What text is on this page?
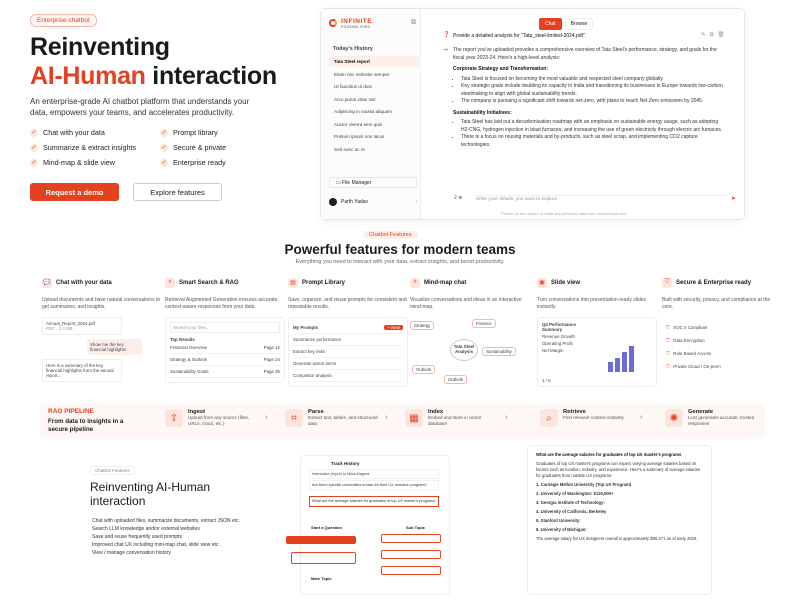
Enterprise chatbot
Reinventing
AI-Human interaction
An enterprise-grade AI chatbot platform that understands your data, empowers your teams, and accelerates productivity.
✓ Chat with your data	✓ Prompt library
✓ Summarize & extract insights	✓ Secure & private
✓ Mind-map & slide view	✓ Enterprise ready
Request a demo	Explore features
INFINITE
POSSIBILITIES
⧉
Today's History
Tata Steel report
Etiam nec molestie semper
Ut faucibus ut duis
Arcu purus vitae nisl
Adipiscing in massa aliquam
Auctor viverra sem quis
Pretium ipsum non lacus
Sed nunc ac et
▭ File Manager
Parth Yadav	›
Chat	Browse
✎⧉🗑
❓ Provide a detailed analysis for "Tata_steel-limited-2024.pdf"
↝ The report you've uploaded provides a comprehensive overview of Tata Steel's performance, strategy, and goals for the fiscal year 2023-24. Here's a high-level analysis:
Corporate Strategy and Transformation:
• Tata Steel is focused on becoming the most valuable and respected steel company globally.
• Key strategic goals include doubling its capacity in India and transitioning its businesses in Europe towards low-carbon steelmaking to align with global sustainability trends.
• The company is pursuing a significant shift towards net-zero, with plans to reach Net Zero emissions by 2045.
Sustainability Initiatives:
• Tata Steel has laid out a decarbonization roadmap with an emphasis on sustainable energy usage, such as adopting H2-CNG, hydrogen injection in blast furnaces, and increasing the use of green electricity through electric arc furnaces.
• There is a focus on reusing materials and by-products, such as steel scrap, and implementing CO2 capture technologies.
2 ⊕	Write your details, you want to explore	➤
Please do not upload or enter any personal data from chat.infosys.com
Chatbot Features
Powerful features for modern teams
Everything you need to interact with your data, extract insights, and boost productivity.
💬 Chat with your data
Upload documents and have natural conversations to get summaries, and insights.
Annual_Report_2024.pdf
PDF · 2.4 MB
Show me the key financial highlights.
Here is a summary of the key financial highlights from the annual report...
⌕ Smart Search & RAG
Retrieval Augmented Generation ensures accurate, context-aware responses from your data.
Search your files...
Top Results
Financial Overview	Page 12
Strategy & Outlook	Page 24
Sustainability Goals	Page 35
▤ Prompt Library
Save, organize, and reuse prompts for consistent and repeatable results.
My Prompts	+ New
Summarize performance
Extract key risks
Generate action items
Competitor analysis
⟡ Mind-map chat
Visualize conversations and ideas in an interactive mind-map.
Tata Steel Analysis
Strategy	Finance
Sustainability
Outlook
Outlook
▣ Slide view
Turn conversations into presentation-ready slides instantly.
Q4 Performance Summary
Revenue Growth
Operating Profit
Net Margin
1 / 6
⛉ Secure & Enterprise ready
Built with security, privacy, and compliance at the core.
⛉ SOC 2 Compliant
⛉ Data Encryption
⛉ Role Based Access
⛉ Private Cloud / On-prem
RAG PIPELINE
From data to insights in a secure pipeline
⇪
Ingest
Upload from any source (files, URLs, cloud, etc.)
›	⌗
Parse
Extract text, tables, and structured data
›	▦
Index
Embed and store in vector database
›	⌕
Retrieve
Find relevant context instantly	›	✺
Generate
LLM generates accurate, trusted responses
Chatbot Features
Reinventing AI-Human interaction
Chat with uploaded files, summarize documents, extract JSON etc.
Search LLM knowledge and/or external websites
Save and reuse frequently used prompts
Improved chat UX including mini-map chat, slide view etc.
View / manage conversation history
Track History
Interaction (Input) to Mind-Magma
Are there specific universities known for their UX research program?
What are the average salaries for graduates of top UX master's programs
Start a Question	Sub Topic
Main Topic
What are the average salaries for graduates of top UX master's programs
Graduates of top UX master's programs can expect varying average salaries based on factors such as location, industry, and experience. Here's a summary of average salaries for graduates from notable UX programs:
1. Carnegie Mellon University (Top UX Program)
2. University of Washington: $120,000+
3. Georgia Institute of Technology:
4. University of California, Berkeley
5. Stanford University:
6. University of Michigan:
The average salary for UX designers overall is approximately $90,471 as of early 2024.
